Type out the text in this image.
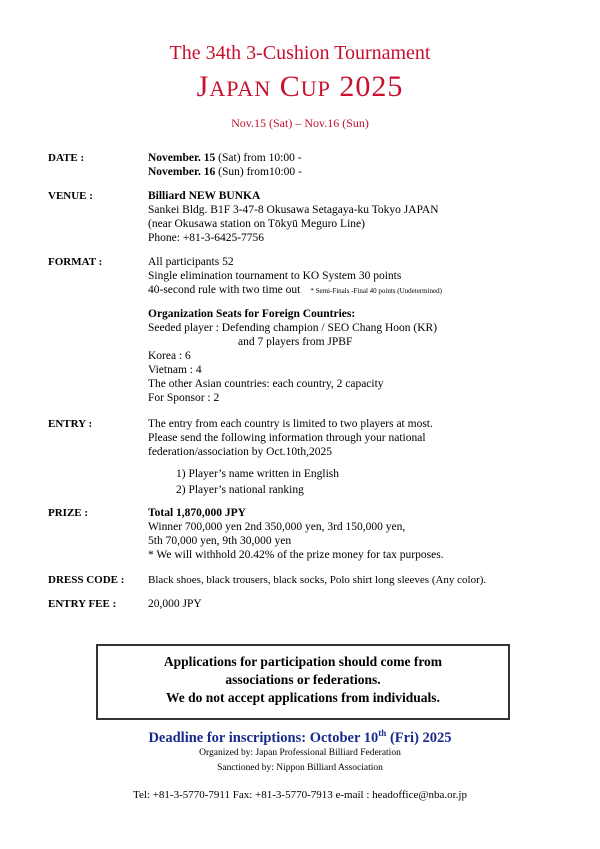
The 34th 3-Cushion Tournament
JAPAN CUP 2025
Nov.15 (Sat) – Nov.16 (Sun)
DATE :	November. 15 (Sat) from 10:00 -
November. 16 (Sun) from10:00 -
VENUE :	Billiard NEW BUNKA
Sankei Bldg. B1F 3-47-8 Okusawa Setagaya-ku Tokyo JAPAN
(near Okusawa station on Tōkyū Meguro Line)
Phone: +81-3-6425-7756
FORMAT :	All participants 52
Single elimination tournament to KO System 30 points
40-second rule with two time out * Semi-Finals -Final 40 points (Undetermined)
Organization Seats for Foreign Countries:
Seeded player : Defending champion / SEO Chang Hoon (KR)
and 7 players from JPBF
Korea : 6
Vietnam : 4
The other Asian countries: each country, 2 capacity
For Sponsor : 2
ENTRY :	The entry from each country is limited to two players at most.
Please send the following information through your national
federation/association by Oct.10th,2025
1) Player’s name written in English
2) Player’s national ranking
PRIZE :	Total 1,870,000 JPY
Winner 700,000 yen 2nd 350,000 yen, 3rd 150,000 yen,
5th 70,000 yen, 9th 30,000 yen
* We will withhold 20.42% of the prize money for tax purposes.
DRESS CODE : Black shoes, black trousers, black socks, Polo shirt long sleeves (Any color).
ENTRY FEE :	20,000 JPY
Applications for participation should come from
associations or federations.
We do not accept applications from individuals.
Deadline for inscriptions: October 10th (Fri) 2025
Organized by: Japan Professional Billiard Federation
Sanctioned by: Nippon Billiard Association
Tel: +81-3-5770-7911 Fax: +81-3-5770-7913 e-mail : headoffice@nba.or.jp
